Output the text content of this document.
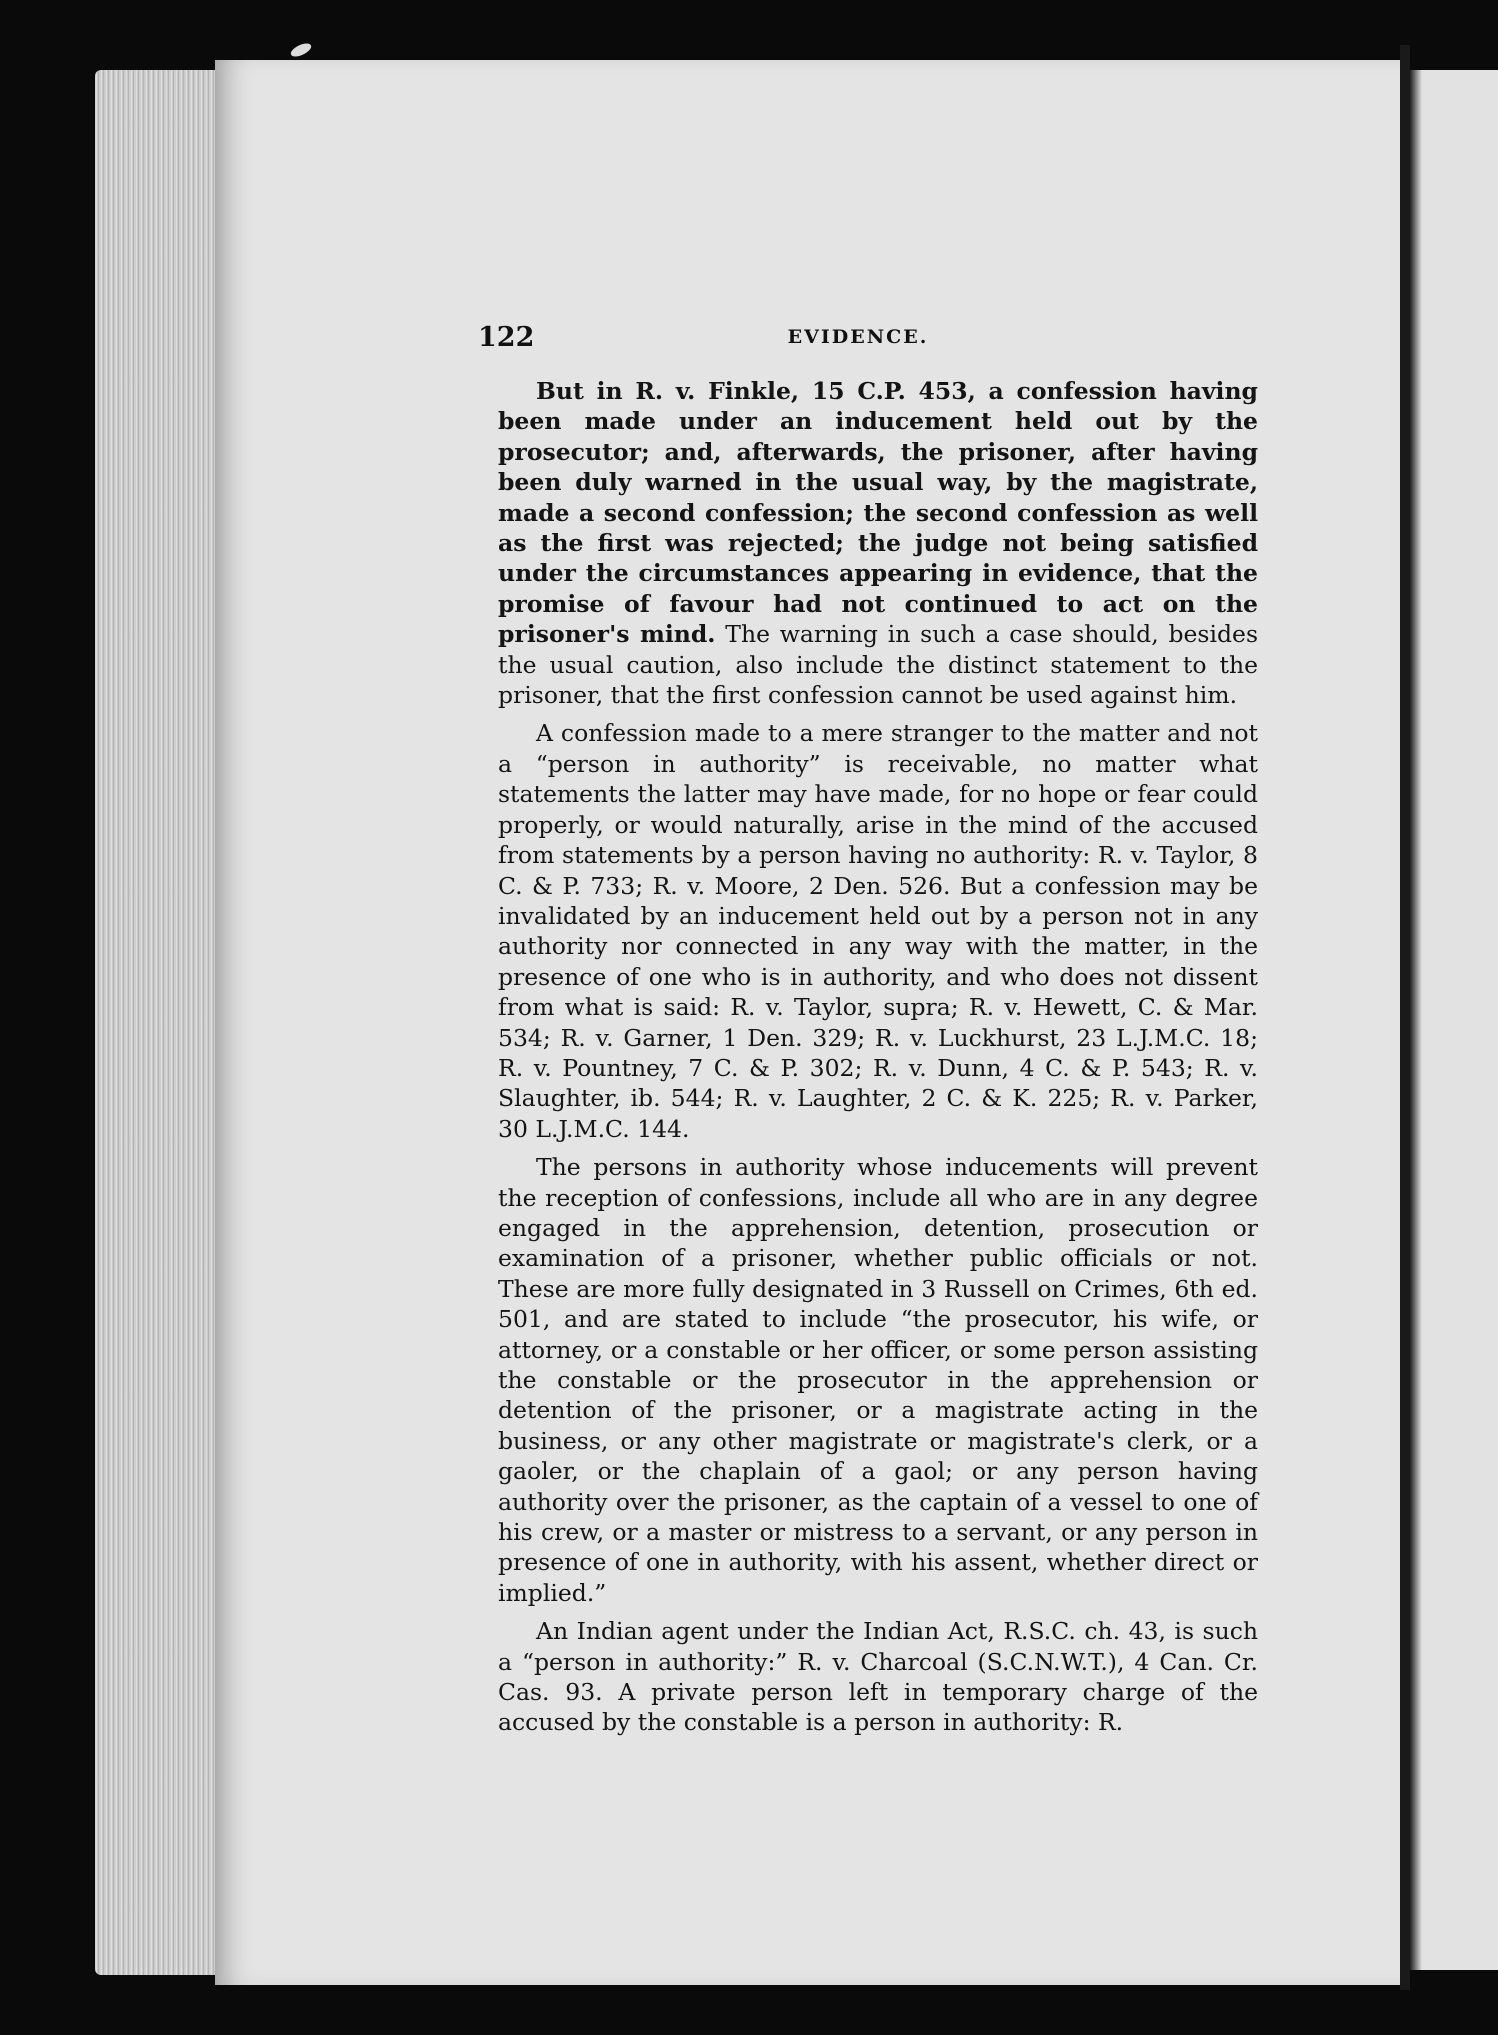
122	EVIDENCE.

But in R. v. Finkle, 15 C.P. 453, a confession having been made under an inducement held out by the prosecutor; and, afterwards, the prisoner, after having been duly warned in the usual way, by the magistrate, made a second confession; the second confession as well as the first was rejected; the judge not being satisfied under the circumstances appearing in evidence, that the promise of favour had not continued to act on the prisoner's mind. The warning in such a case should, besides the usual caution, also include the distinct statement to the prisoner, that the first confession cannot be used against him.

A confession made to a mere stranger to the matter and not a “person in authority” is receivable, no matter what statements the latter may have made, for no hope or fear could properly, or would naturally, arise in the mind of the accused from statements by a person having no authority: R. v. Taylor, 8 C. & P. 733; R. v. Moore, 2 Den. 526. But a confession may be invalidated by an inducement held out by a person not in any authority nor connected in any way with the matter, in the presence of one who is in authority, and who does not dissent from what is said: R. v. Taylor, supra; R. v. Hewett, C. & Mar. 534; R. v. Garner, 1 Den. 329; R. v. Luckhurst, 23 L.J.M.C. 18; R. v. Pountney, 7 C. & P. 302; R. v. Dunn, 4 C. & P. 543; R. v. Slaughter, ib. 544; R. v. Laughter, 2 C. & K. 225; R. v. Parker, 30 L.J.M.C. 144.

The persons in authority whose inducements will prevent the reception of confessions, include all who are in any degree engaged in the apprehension, detention, prosecution or examination of a prisoner, whether public officials or not. These are more fully designated in 3 Russell on Crimes, 6th ed. 501, and are stated to include “the prosecutor, his wife, or attorney, or a constable or her officer, or some person assisting the constable or the prosecutor in the apprehension or detention of the prisoner, or a magistrate acting in the business, or any other magistrate or magistrate's clerk, or a gaoler, or the chaplain of a gaol; or any person having authority over the prisoner, as the captain of a vessel to one of his crew, or a master or mistress to a servant, or any person in presence of one in authority, with his assent, whether direct or implied.”

An Indian agent under the Indian Act, R.S.C. ch. 43, is such a “person in authority:” R. v. Charcoal (S.C.N.W.T.), 4 Can. Cr. Cas. 93. A private person left in temporary charge of the accused by the constable is a person in authority: R.
